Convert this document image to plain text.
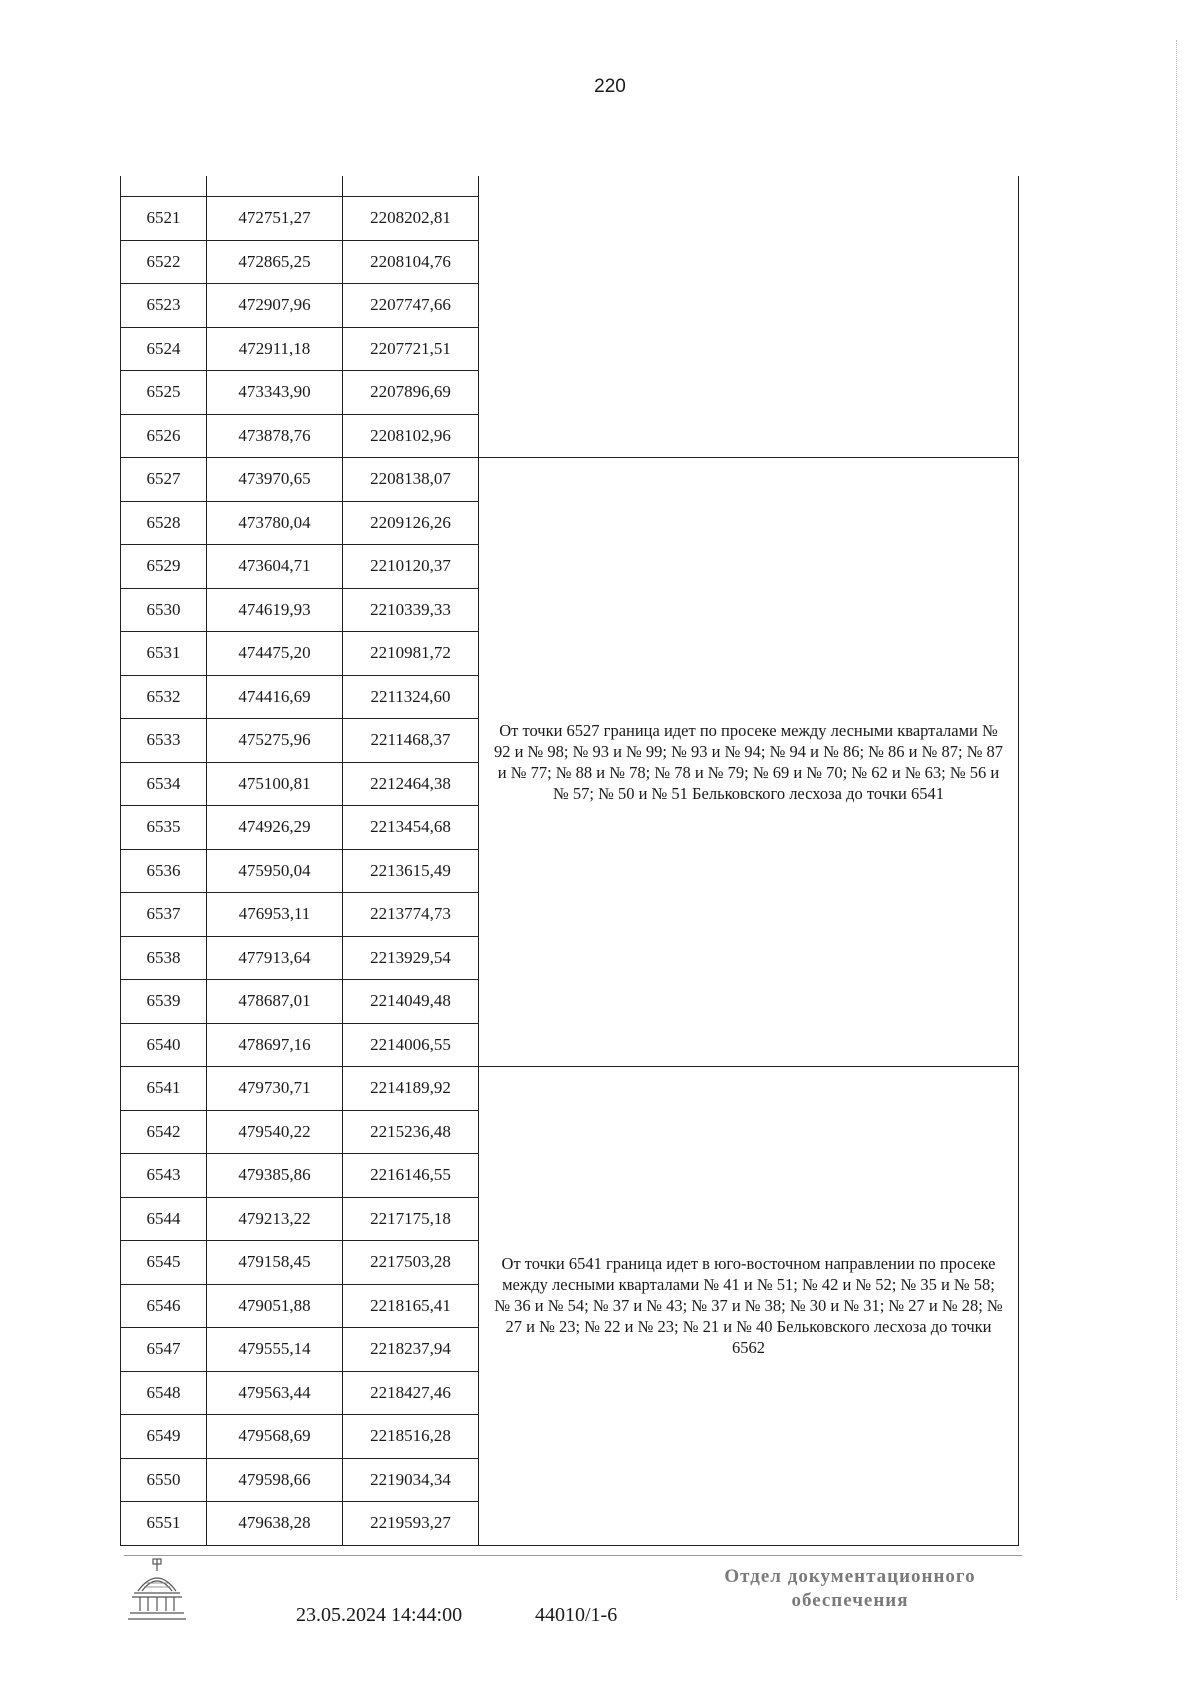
220

6521	472751,27	2208202,81	
6522	472865,25	2208104,76	
6523	472907,96	2207747,66	
6524	472911,18	2207721,51	
6525	473343,90	2207896,69	
6526	473878,76	2208102,96	
6527	473970,65	2208138,07	От точки 6527 граница идет по просеке между лесными кварталами № 92 и № 98; № 93 и № 99; № 93 и № 94; № 94 и № 86; № 86 и № 87; № 87 и № 77; № 88 и № 78; № 78 и № 79; № 69 и № 70; № 62 и № 63; № 56 и № 57; № 50 и № 51 Бельковского лесхоза до точки 6541
6528	473780,04	2209126,26	
6529	473604,71	2210120,37	
6530	474619,93	2210339,33	
6531	474475,20	2210981,72	
6532	474416,69	2211324,60	
6533	475275,96	2211468,37	
6534	475100,81	2212464,38	
6535	474926,29	2213454,68	
6536	475950,04	2213615,49	
6537	476953,11	2213774,73	
6538	477913,64	2213929,54	
6539	478687,01	2214049,48	
6540	478697,16	2214006,55	
6541	479730,71	2214189,92	От точки 6541 граница идет в юго-восточном направлении по просеке между лесными кварталами № 41 и № 51; № 42 и № 52; № 35 и № 58; № 36 и № 54; № 37 и № 43; № 37 и № 38; № 30 и № 31; № 27 и № 28; № 27 и № 23; № 22 и № 23; № 21 и № 40 Бельковского лесхоза до точки 6562
6542	479540,22	2215236,48	
6543	479385,86	2216146,55	
6544	479213,22	2217175,18	
6545	479158,45	2217503,28	
6546	479051,88	2218165,41	
6547	479555,14	2218237,94	
6548	479563,44	2218427,46	
6549	479568,69	2218516,28	
6550	479598,66	2219034,34	
6551	479638,28	2219593,27	
23.05.2024 14:44:00	44010/1-6
Отдел документационного
обеспечения
